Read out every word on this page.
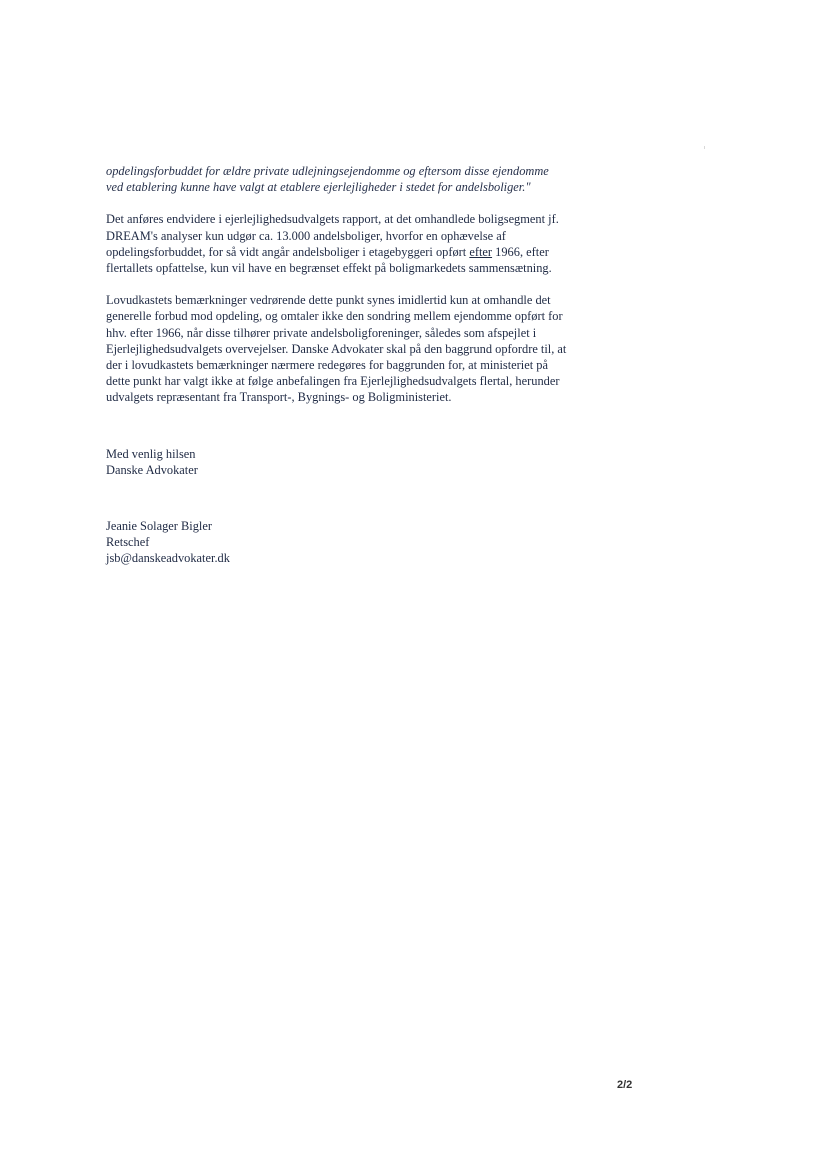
opdelingsforbuddet for ældre private udlejningsejendomme og eftersom disse ejendomme
ved etablering kunne have valgt at etablere ejerlejligheder i stedet for andelsboliger."
Det anføres endvidere i ejerlejlighedsudvalgets rapport, at det omhandlede boligsegment jf.
DREAM's analyser kun udgør ca. 13.000 andelsboliger, hvorfor en ophævelse af
opdelingsforbuddet, for så vidt angår andelsboliger i etagebyggeri opført efter 1966, efter
flertallets opfattelse, kun vil have en begrænset effekt på boligmarkedets sammensætning.
Lovudkastets bemærkninger vedrørende dette punkt synes imidlertid kun at omhandle det
generelle forbud mod opdeling, og omtaler ikke den sondring mellem ejendomme opført for
hhv. efter 1966, når disse tilhører private andelsboligforeninger, således som afspejlet i
Ejerlejlighedsudvalgets overvejelser. Danske Advokater skal på den baggrund opfordre til, at
der i lovudkastets bemærkninger nærmere redegøres for baggrunden for, at ministeriet på
dette punkt har valgt ikke at følge anbefalingen fra Ejerlejlighedsudvalgets flertal, herunder
udvalgets repræsentant fra Transport-, Bygnings- og Boligministeriet.
Med venlig hilsen
Danske Advokater
Jeanie Solager Bigler
Retschef
jsb@danskeadvokater.dk
2/2
